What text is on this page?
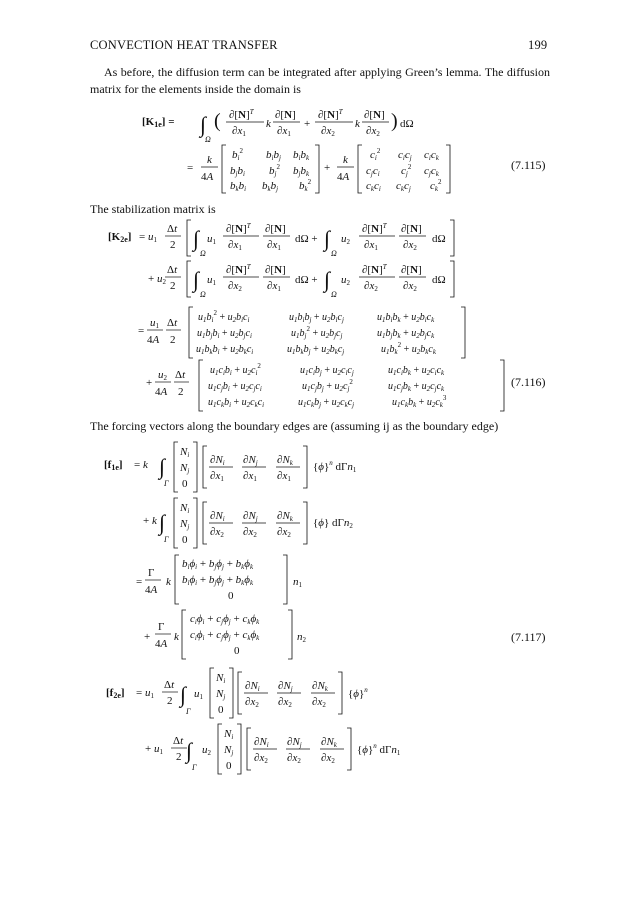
CONVECTION HEAT TRANSFER	199
As before, the diffusion term can be integrated after applying Green’s lemma. The diffusion matrix for the elements inside the domain is
The stabilization matrix is
The forcing vectors along the boundary edges are (assuming ij as the boundary edge)
(7.115)
(7.116)
(7.117)
[K1e] = ∫
Ω
( $\partial[N]^T$
∂x1
k
∂[N]
∂x1
+
$\partial[N]^T$
∂x2
k
∂[N]
∂x2
) dΩ
=
k
4A
$bi^2$ bibj bibk
bjbi $bj^2$ bjbk
bkbi bkbj $bk^2$
+
k
4A
$ci^2$ cicj cick
cjci $cj^2$ cjck
ckci ckcj $ck^2$
[K2e] = u1
Δt
2 ∫
Ω
u1
$\partial[N]^T$
∂x1
∂[N]
∂x1
dΩ + ∫
Ω
u2
$\partial[N]^T$
∂x1
∂[N]
∂x2
dΩ
+ u2
Δt
2 ∫
Ω
u1
$\partial[N]^T$
∂x2
∂[N]
∂x1
dΩ + ∫
Ω
u2
$\partial[N]^T$
∂x2
∂[N]
∂x2
dΩ
=
u1
4A
Δt
2
$u_1b_i^2 + u_2b_ic_i$	$u_1b_ib_j + u_2b_ic_j$	$u_1b_ib_k + u_2b_ic_k$
$u_1b_jb_i + u_2b_jc_i$	$u_1b_j^2 + u_2b_jc_j$	$u_1b_jb_k + u_2b_jc_k$
$u_1b_kb_i + u_2b_kc_i$	$u_1b_kb_j + u_2b_kc_j$	$u_1b_k^2 + u_2b_kc_k$
+
u2
4A
Δt
2
$u_1c_ib_i + u_2c_i^2$	$u_1c_ib_j + u_2c_ic_j$	$u_1c_ib_k + u_2c_ic_k$
$u_1c_jb_i + u_2c_jc_i$	$u_1c_jb_j + u_2c_j^2$	$u_1c_jb_k + u_2c_jc_k$
$u_1c_kb_i + u_2c_kc_i$	$u_1c_kb_j + u_2c_kc_j$	$u_1c_kb_k + u_2c_k^3$
[f1e] = k ∫
Γ
Ni
Nj
0
∂Ni
∂x1
∂Nj
∂x1
∂Nk
∂x1
$\{\phi\}^n$ dΓn1
+ k ∫
Γ
Ni
Nj
0
∂Ni
∂x2
∂Nj
∂x2
∂Nk
∂x2
{ϕ} dΓn2
=
Γ
4A
k
biϕi + bjϕj + bkϕk
biϕi + bjϕj + bkϕk
0
n1
+
Γ
4A
k
ciϕi + cjϕj + ckϕk
ciϕi + cjϕj + ckϕk
0
n2
[f2e] = u1
Δt
2 ∫
Γ
u1
Ni
Nj
0
∂Ni
∂x2
∂Nj
∂x2
∂Nk
∂x2
$\{\phi\}^n$
+ u1
Δt
2 ∫
Γ
u2
Ni
Nj
0
∂Ni
∂x2
∂Nj
∂x2
∂Nk
∂x2
$\{\phi\}^n$ dΓn1
